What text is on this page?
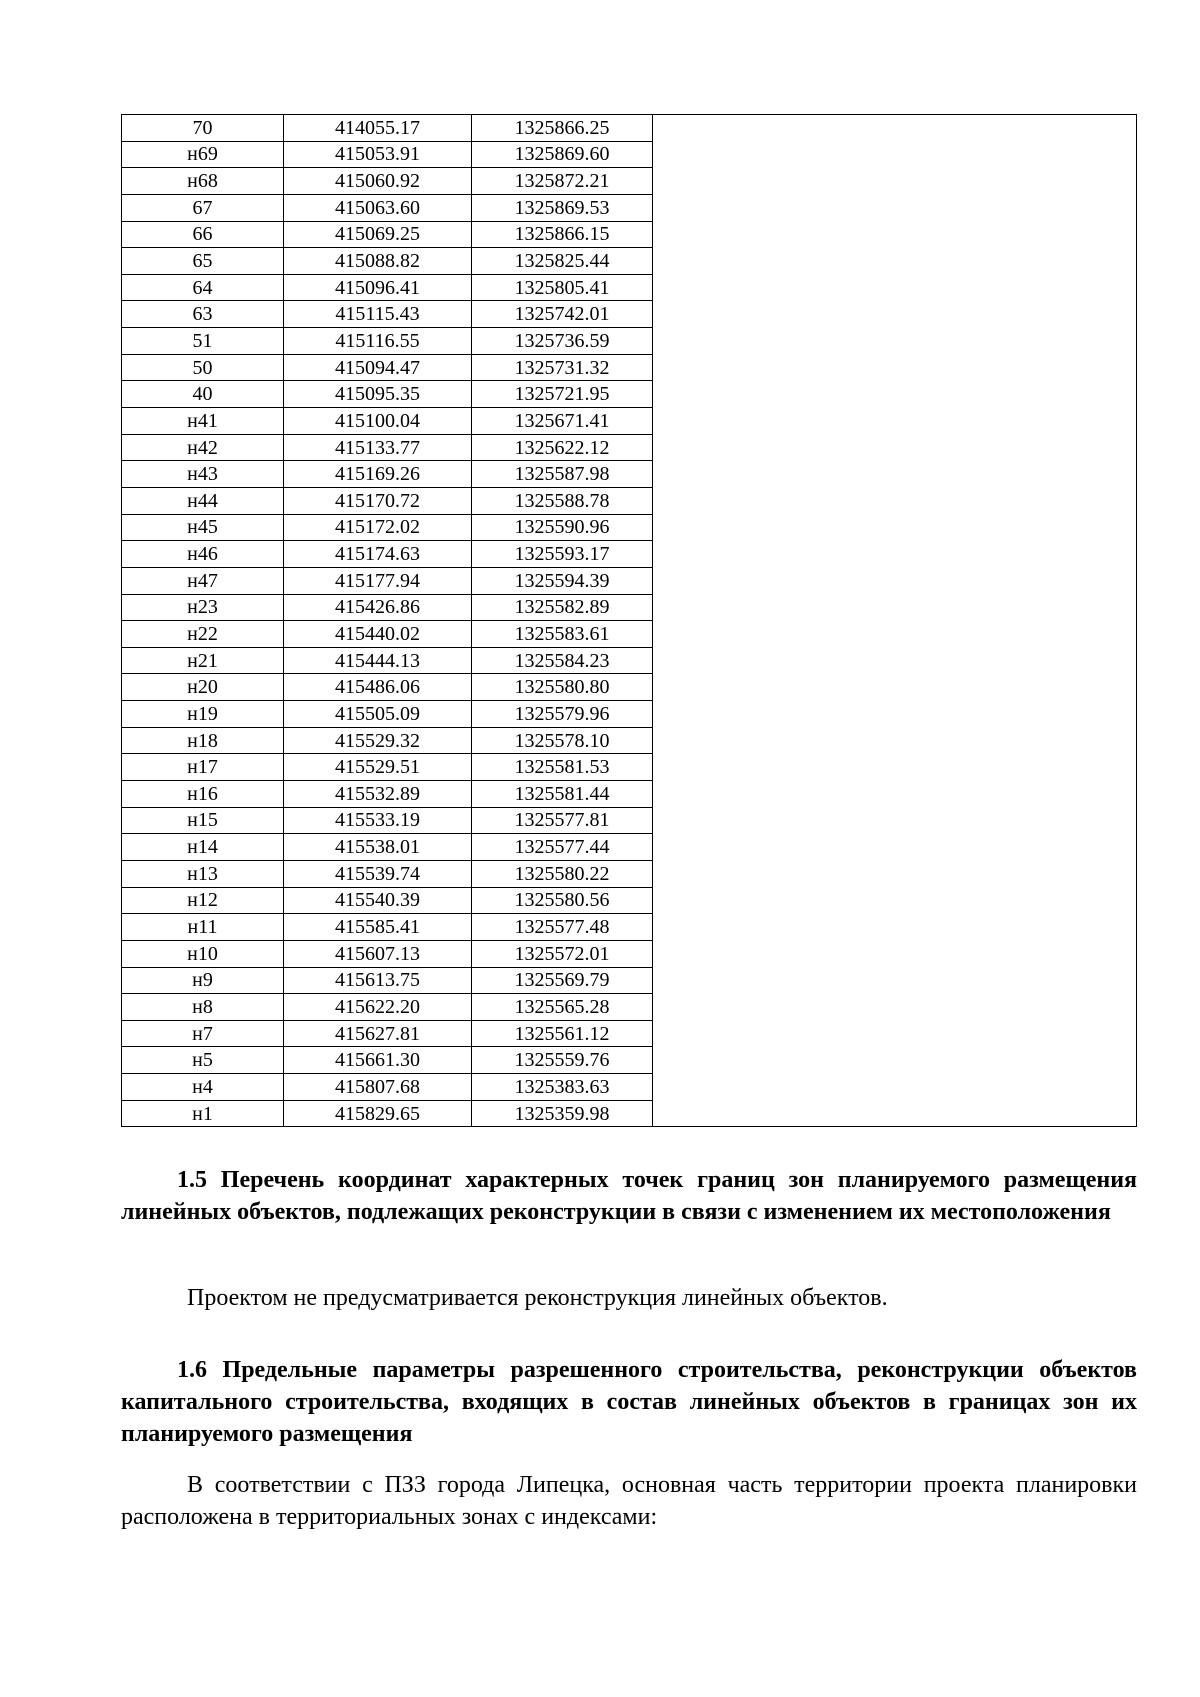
70	414055.17	1325866.25
н69	415053.91	1325869.60
н68	415060.92	1325872.21
67	415063.60	1325869.53
66	415069.25	1325866.15
65	415088.82	1325825.44
64	415096.41	1325805.41
63	415115.43	1325742.01
51	415116.55	1325736.59
50	415094.47	1325731.32
40	415095.35	1325721.95
н41	415100.04	1325671.41
н42	415133.77	1325622.12
н43	415169.26	1325587.98
н44	415170.72	1325588.78
н45	415172.02	1325590.96
н46	415174.63	1325593.17
н47	415177.94	1325594.39
н23	415426.86	1325582.89
н22	415440.02	1325583.61
н21	415444.13	1325584.23
н20	415486.06	1325580.80
н19	415505.09	1325579.96
н18	415529.32	1325578.10
н17	415529.51	1325581.53
н16	415532.89	1325581.44
н15	415533.19	1325577.81
н14	415538.01	1325577.44
н13	415539.74	1325580.22
н12	415540.39	1325580.56
н11	415585.41	1325577.48
н10	415607.13	1325572.01
н9	415613.75	1325569.79
н8	415622.20	1325565.28
н7	415627.81	1325561.12
н5	415661.30	1325559.76
н4	415807.68	1325383.63
н1	415829.65	1325359.98

1.5 Перечень координат характерных точек границ зон планируемого размещения линейных объектов, подлежащих реконструкции в связи с изменением их местоположения

Проектом не предусматривается реконструкция линейных объектов.

1.6 Предельные параметры разрешенного строительства, реконструкции объектов капитального строительства, входящих в состав линейных объектов в границах зон их планируемого размещения

В соответствии с ПЗЗ города Липецка, основная часть территории проекта планировки расположена в территориальных зонах с индексами:
